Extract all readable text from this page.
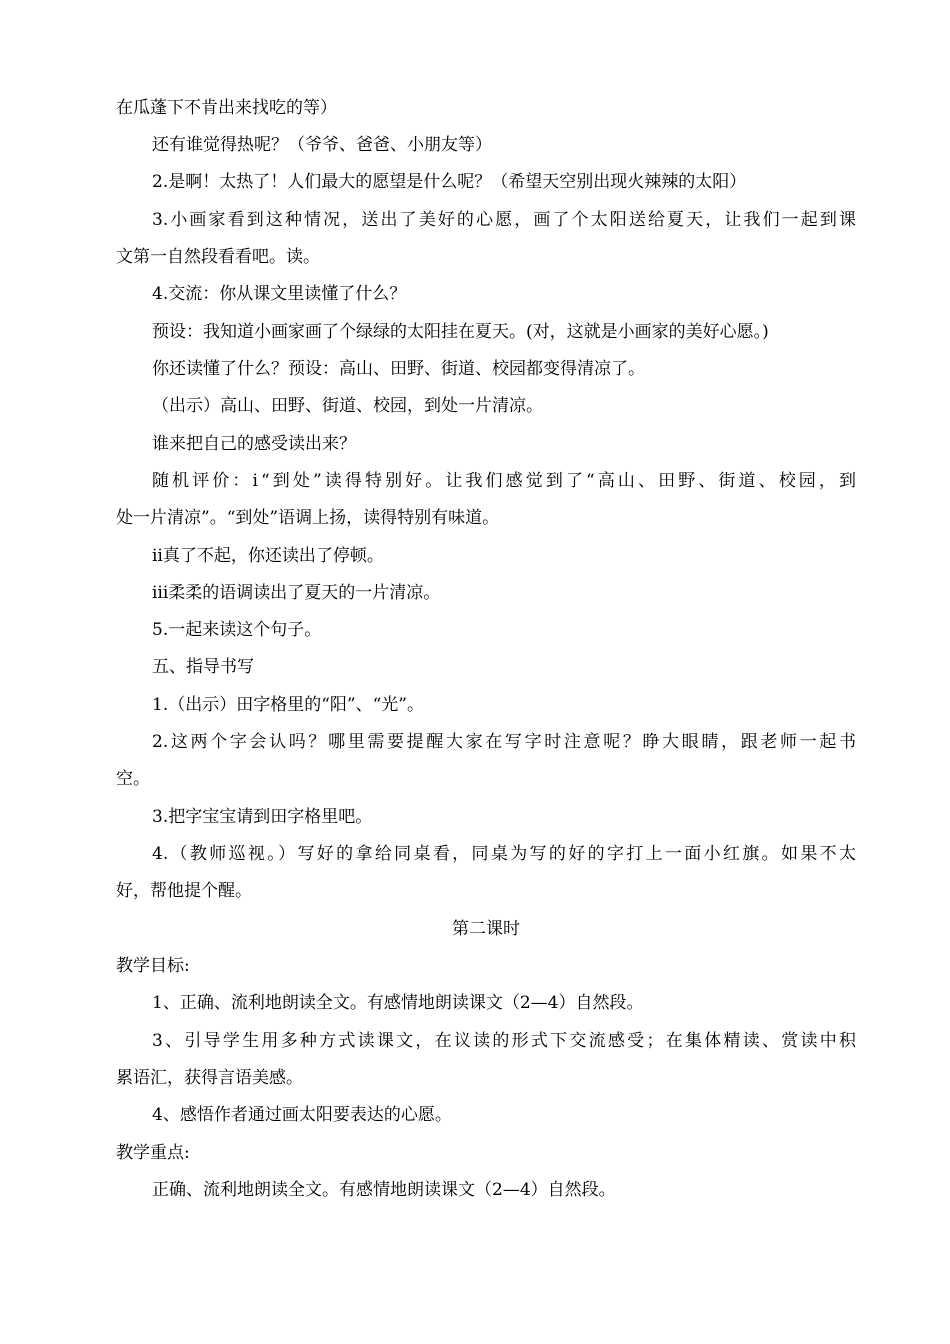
在瓜蓬下不肯出来找吃的等）
还有谁觉得热呢？（爷爷、爸爸、小朋友等）
2.是啊！太热了！人们最大的愿望是什么呢？（希望天空别出现火辣辣的太阳）
3.小画家看到这种情况，送出了美好的心愿，画了个太阳送给夏天，让我们一起到课
文第一自然段看看吧。读。
4.交流：你从课文里读懂了什么？
预设：我知道小画家画了个绿绿的太阳挂在夏天。(对，这就是小画家的美好心愿。)
你还读懂了什么？预设：高山、田野、街道、校园都变得清凉了。
（出示）高山、田野、街道、校园，到处一片清凉。
谁来把自己的感受读出来？
随机评价：ⅰ“到处”读得特别好。让我们感觉到了“高山、田野、街道、校园，到
处一片清凉”。“到处”语调上扬，读得特别有味道。
ⅱ真了不起，你还读出了停顿。
ⅲ柔柔的语调读出了夏天的一片清凉。
5.一起来读这个句子。
五、指导书写
1.（出示）田字格里的“阳”、“光”。
2.这两个字会认吗？哪里需要提醒大家在写字时注意呢？睁大眼睛，跟老师一起书
空。
3.把字宝宝请到田字格里吧。
4.（教师巡视。）写好的拿给同桌看，同桌为写的好的字打上一面小红旗。如果不太
好，帮他提个醒。
第二课时
教学目标:
1、正确、流利地朗读全文。有感情地朗读课文（2—4）自然段。
3、引导学生用多种方式读课文，在议读的形式下交流感受；在集体精读、赏读中积
累语汇，获得言语美感。
4、感悟作者通过画太阳要表达的心愿。
教学重点:
正确、流利地朗读全文。有感情地朗读课文（2—4）自然段。
